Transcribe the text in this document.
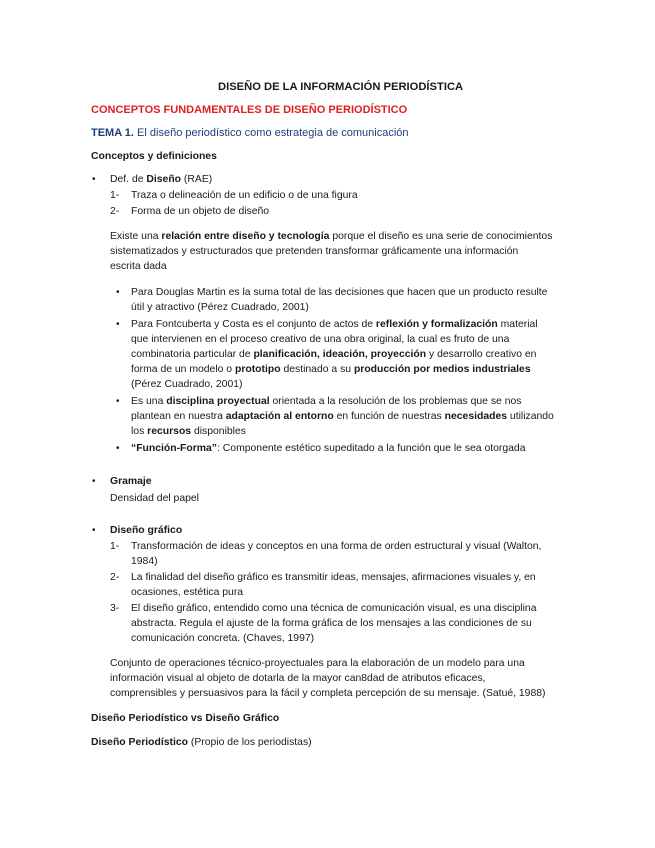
DISEÑO DE LA INFORMACIÓN PERIODÍSTICA
CONCEPTOS FUNDAMENTALES DE DISEÑO PERIODÍSTICO
TEMA 1. El diseño periodístico como estrategia de comunicación
Conceptos y definiciones
• Def. de Diseño (RAE)
1- Traza o delineación de un edificio o de una figura
2- Forma de un objeto de diseño
Existe una relación entre diseño y tecnología porque el diseño es una serie de conocimientos
sistematizados y estructurados que pretenden transformar gráficamente una información
escrita dada
• Para Douglas Martin es la suma total de las decisiones que hacen que un producto resulte
útil y atractivo (Pérez Cuadrado, 2001)
• Para Fontcuberta y Costa es el conjunto de actos de reflexión y formalización material
que intervienen en el proceso creativo de una obra original, la cual es fruto de una
combinatoria particular de planificación, ideación, proyección y desarrollo creativo en
forma de un modelo o prototipo destinado a su producción por medios industriales
(Pérez Cuadrado, 2001)
• Es una disciplina proyectual orientada a la resolución de los problemas que se nos
plantean en nuestra adaptación al entorno en función de nuestras necesidades utilizando
los recursos disponibles
• “Función-Forma”: Componente estético supeditado a la función que le sea otorgada
• Gramaje
Densidad del papel
• Diseño gráfico
1- Transformación de ideas y conceptos en una forma de orden estructural y visual (Walton,
1984)
2- La finalidad del diseño gráfico es transmitir ideas, mensajes, afirmaciones visuales y, en
ocasiones, estética pura
3- El diseño gráfico, entendido como una técnica de comunicación visual, es una disciplina
abstracta. Regula el ajuste de la forma gráfica de los mensajes a las condiciones de su
comunicación concreta. (Chaves, 1997)
Conjunto de operaciones técnico-proyectuales para la elaboración de un modelo para una
información visual al objeto de dotarla de la mayor can8dad de atributos eficaces,
comprensibles y persuasivos para la fácil y completa percepción de su mensaje. (Satué, 1988)
Diseño Periodístico vs Diseño Gráfico
Diseño Periodístico (Propio de los periodistas)
